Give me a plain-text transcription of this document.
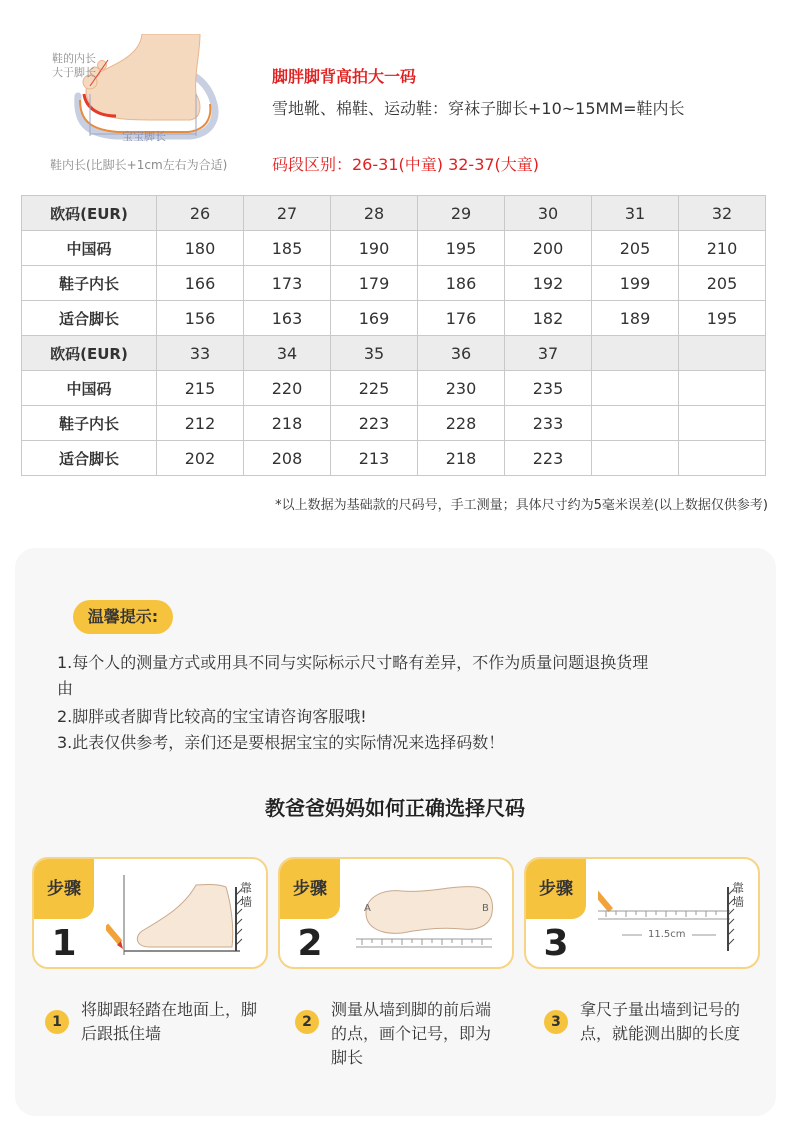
鞋的内长
大于脚长
宝宝脚长
鞋内长(比脚长+1cm左右为合适)
脚胖脚背高拍大一码
雪地靴、棉鞋、运动鞋：穿袜子脚长+10~15MM=鞋内长
码段区别：26-31(中童) 32-37(大童)
欧码(EUR)	26	27	28	29	30	31	32
中国码	180	185	190	195	200	205	210
鞋子内长	166	173	179	186	192	199	205
适合脚长	156	163	169	176	182	189	195
欧码(EUR)	33	34	35	36	37		
中国码	215	220	225	230	235		
鞋子内长	212	218	223	228	233		
适合脚长	202	208	213	218	223		
*以上数据为基础款的尺码号，手工测量；具体尺寸约为5毫米误差(以上数据仅供参考)
温馨提示:
1.每个人的测量方式或用具不同与实际标示尺寸略有差异，不作为质量问题退换货理
由
2.脚胖或者脚背比较高的宝宝请咨询客服哦!
3.此表仅供参考，亲们还是要根据宝宝的实际情况来选择码数！
教爸爸妈妈如何正确选择尺码
步骤
1
靠墙
步骤
2
A	B
步骤
3	11.5cm
靠墙
1
将脚跟轻踏在地面上，脚后跟抵住墙
2
测量从墙到脚的前后端的点，画个记号，即为脚长
3
拿尺子量出墙到记号的点，就能测出脚的长度
